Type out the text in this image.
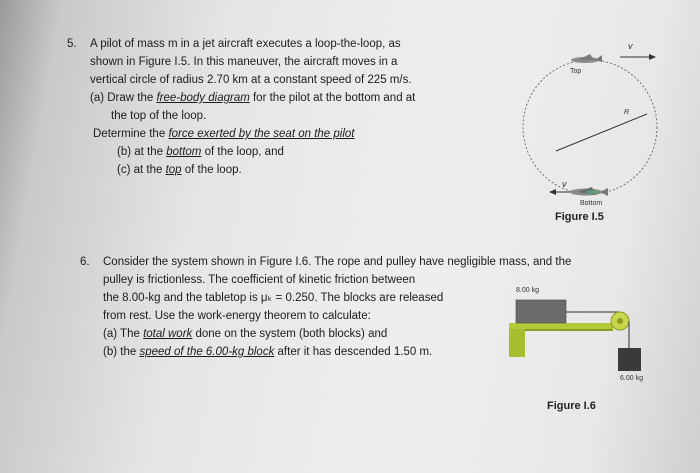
5. A pilot of mass m in a jet aircraft executes a loop-the-loop, as
shown in Figure I.5. In this maneuver, the aircraft moves in a
vertical circle of radius 2.70 km at a constant speed of 225 m/s.
(a) Draw the free-body diagram for the pilot at the bottom and at
the top of the loop.
Determine the force exerted by the seat on the pilot
(b) at the bottom of the loop, and
(c) at the top of the loop.
Top
Bottom
R
v
v
Figure I.5
6. Consider the system shown in Figure I.6. The rope and pulley have negligible mass, and the
pulley is frictionless. The coefficient of kinetic friction between
the 8.00-kg and the tabletop is μₖ = 0.250. The blocks are released
from rest. Use the work-energy theorem to calculate:
(a) The total work done on the system (both blocks) and
(b) the speed of the 6.00-kg block after it has descended 1.50 m.
8.00 kg
6.00 kg
Figure I.6
